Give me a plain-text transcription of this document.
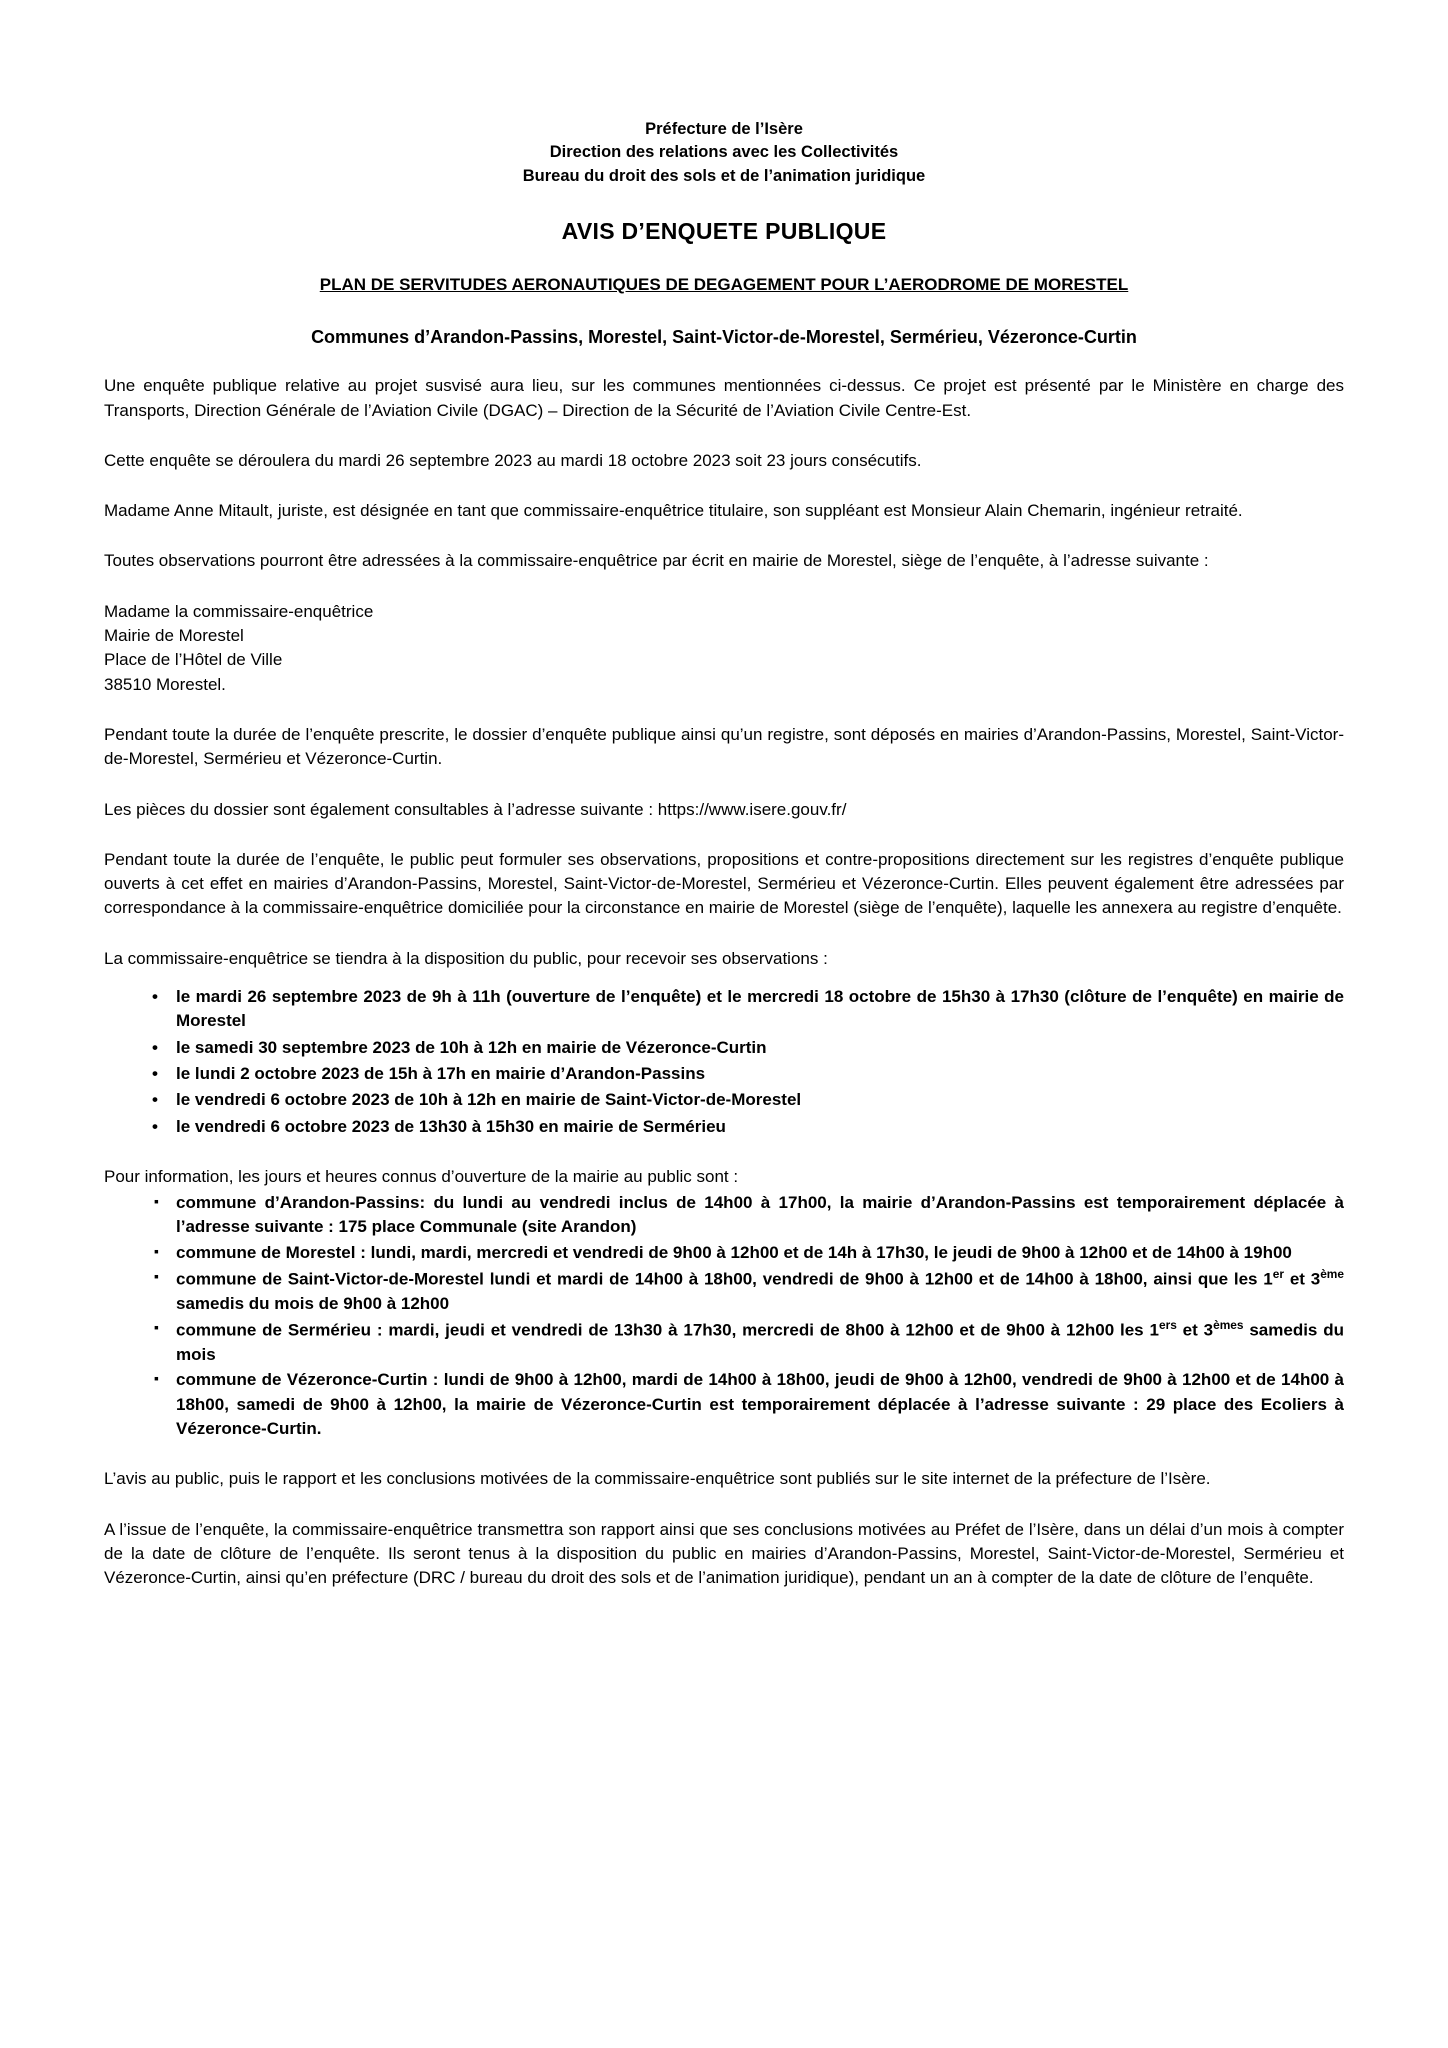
Préfecture de l’Isère
Direction des relations avec les Collectivités
Bureau du droit des sols et de l’animation juridique
AVIS D’ENQUETE PUBLIQUE
PLAN DE SERVITUDES AERONAUTIQUES DE DEGAGEMENT POUR L’AERODROME DE MORESTEL
Communes d’Arandon-Passins, Morestel, Saint-Victor-de-Morestel, Sermérieu, Vézeronce-Curtin

Une enquête publique relative au projet susvisé aura lieu, sur les communes mentionnées ci-dessus. Ce projet est présenté par le Ministère en charge des Transports, Direction Générale de l’Aviation Civile (DGAC) – Direction de la Sécurité de l’Aviation Civile Centre-Est.

Cette enquête se déroulera du mardi 26 septembre 2023 au mardi 18 octobre 2023 soit 23 jours consécutifs.

Madame Anne Mitault, juriste, est désignée en tant que commissaire-enquêtrice titulaire, son suppléant est Monsieur Alain Chemarin, ingénieur retraité.

Toutes observations pourront être adressées à la commissaire-enquêtrice par écrit en mairie de Morestel, siège de l’enquête, à l’adresse suivante :

Madame la commissaire-enquêtrice
Mairie de Morestel
Place de l’Hôtel de Ville
38510 Morestel.

Pendant toute la durée de l’enquête prescrite, le dossier d’enquête publique ainsi qu’un registre, sont déposés en mairies d’Arandon-Passins, Morestel, Saint-Victor-de-Morestel, Sermérieu et Vézeronce-Curtin.

Les pièces du dossier sont également consultables à l’adresse suivante : https://www.isere.gouv.fr/

Pendant toute la durée de l’enquête, le public peut formuler ses observations, propositions et contre-propositions directement sur les registres d’enquête publique ouverts à cet effet en mairies d’Arandon-Passins, Morestel, Saint-Victor-de-Morestel, Sermérieu et Vézeronce-Curtin. Elles peuvent également être adressées par correspondance à la commissaire-enquêtrice domiciliée pour la circonstance en mairie de Morestel (siège de l’enquête), laquelle les annexera au registre d’enquête.

La commissaire-enquêtrice se tiendra à la disposition du public, pour recevoir ses observations :

• le mardi 26 septembre 2023 de 9h à 11h (ouverture de l’enquête) et le mercredi 18 octobre de 15h30 à 17h30 (clôture de l’enquête) en mairie de Morestel
• le samedi 30 septembre 2023 de 10h à 12h en mairie de Vézeronce-Curtin
• le lundi 2 octobre 2023 de 15h à 17h en mairie d’Arandon-Passins
• le vendredi 6 octobre 2023 de 10h à 12h en mairie de Saint-Victor-de-Morestel
• le vendredi 6 octobre 2023 de 13h30 à 15h30 en mairie de Sermérieu
Pour information, les jours et heures connus d’ouverture de la mairie au public sont :
▪ commune d’Arandon-Passins: du lundi au vendredi inclus de 14h00 à 17h00, la mairie d’Arandon-Passins est temporairement déplacée à l’adresse suivante : 175 place Communale (site Arandon)
▪ commune de Morestel : lundi, mardi, mercredi et vendredi de 9h00 à 12h00 et de 14h à 17h30, le jeudi de 9h00 à 12h00 et de 14h00 à 19h00
▪ commune de Saint-Victor-de-Morestel lundi et mardi de 14h00 à 18h00, vendredi de 9h00 à 12h00 et de 14h00 à 18h00, ainsi que les 1er et 3ème samedis du mois de 9h00 à 12h00
▪ commune de Sermérieu : mardi, jeudi et vendredi de 13h30 à 17h30, mercredi de 8h00 à 12h00 et de 9h00 à 12h00 les 1ers et 3èmes samedis du mois
▪ commune de Vézeronce-Curtin : lundi de 9h00 à 12h00, mardi de 14h00 à 18h00, jeudi de 9h00 à 12h00, vendredi de 9h00 à 12h00 et de 14h00 à 18h00, samedi de 9h00 à 12h00, la mairie de Vézeronce-Curtin est temporairement déplacée à l’adresse suivante : 29 place des Ecoliers à Vézeronce-Curtin.

L’avis au public, puis le rapport et les conclusions motivées de la commissaire-enquêtrice sont publiés sur le site internet de la préfecture de l’Isère.

A l’issue de l’enquête, la commissaire-enquêtrice transmettra son rapport ainsi que ses conclusions motivées au Préfet de l’Isère, dans un délai d’un mois à compter de la date de clôture de l’enquête. Ils seront tenus à la disposition du public en mairies d’Arandon-Passins, Morestel, Saint-Victor-de-Morestel, Sermérieu et Vézeronce-Curtin, ainsi qu’en préfecture (DRC / bureau du droit des sols et de l’animation juridique), pendant un an à compter de la date de clôture de l’enquête.
